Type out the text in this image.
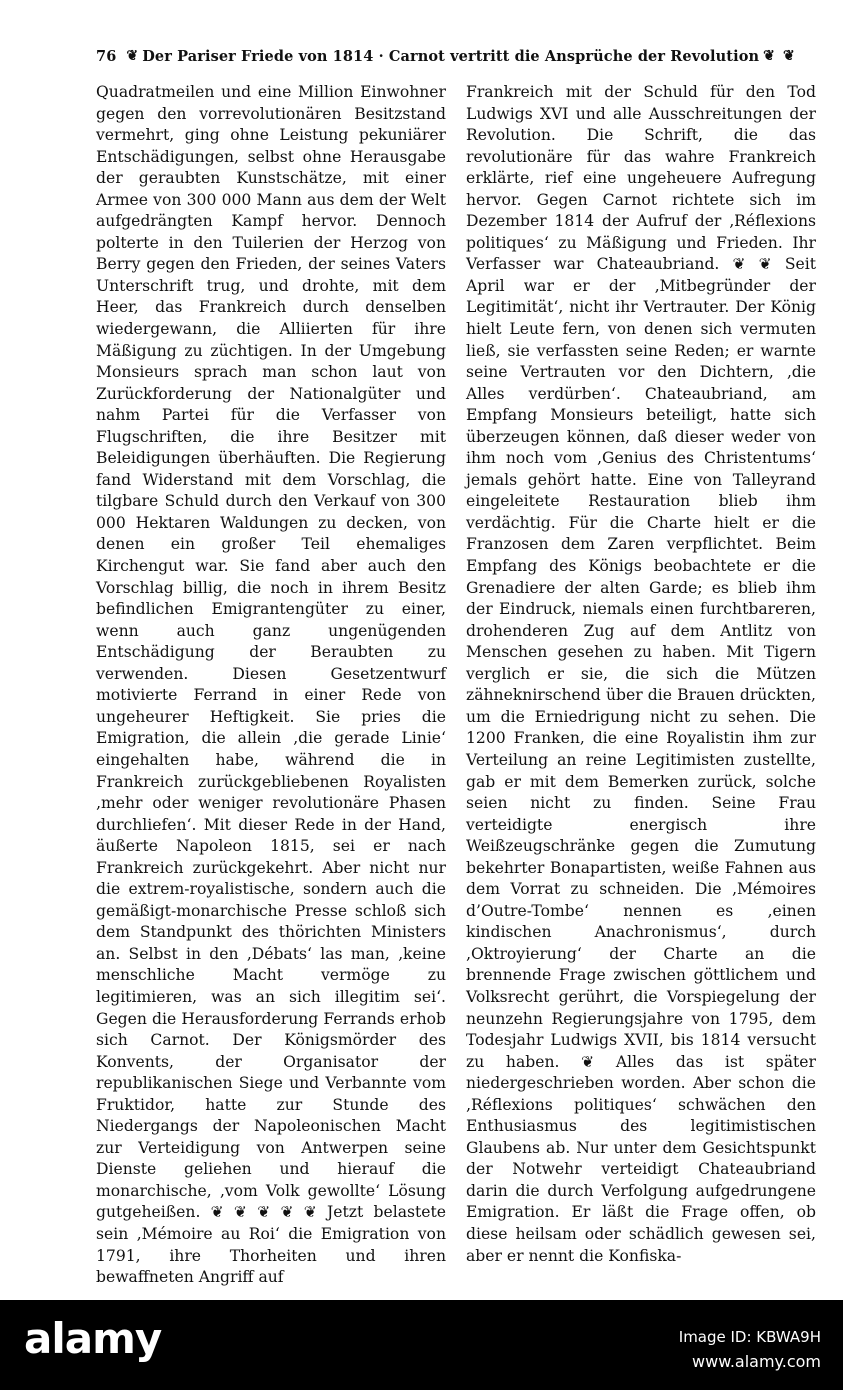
76 ❦ Der Pariser Friede von 1814 · Carnot vertritt die Ansprüche der Revolution ❦ ❦

Quadratmeilen und eine Million Einwohner gegen den vorrevolutionären Besitzstand vermehrt, ging ohne Leistung pekuniärer Entschädigungen, selbst ohne Herausgabe der geraubten Kunstschätze, mit einer Armee von 300 000 Mann aus dem der Welt aufgedrängten Kampf hervor. Dennoch polterte in den Tuilerien der Herzog von Berry gegen den Frieden, der seines Vaters Unterschrift trug, und drohte, mit dem Heer, das Frankreich durch denselben wiedergewann, die Alliierten für ihre Mäßigung zu züchtigen. In der Umgebung Monsieurs sprach man schon laut von Zurückforderung der Nationalgüter und nahm Partei für die Verfasser von Flugschriften, die ihre Besitzer mit Beleidigungen überhäuften. Die Regierung fand Widerstand mit dem Vorschlag, die tilgbare Schuld durch den Verkauf von 300 000 Hektaren Waldungen zu decken, von denen ein großer Teil ehemaliges Kirchengut war. Sie fand aber auch den Vorschlag billig, die noch in ihrem Besitz befindlichen Emigrantengüter zu einer, wenn auch ganz ungenügenden Entschädigung der Beraubten zu verwenden. Diesen Gesetzentwurf motivierte Ferrand in einer Rede von ungeheurer Heftigkeit. Sie pries die Emigration, die allein ‚die gerade Linie‘ eingehalten habe, während die in Frankreich zurückgebliebenen Royalisten ‚mehr oder weniger revolutionäre Phasen durchliefen‘. Mit dieser Rede in der Hand, äußerte Napoleon 1815, sei er nach Frankreich zurückgekehrt. Aber nicht nur die extrem-royalistische, sondern auch die gemäßigt-monarchische Presse schloß sich dem Standpunkt des thörichten Ministers an. Selbst in den ‚Débats‘ las man, ‚keine menschliche Macht vermöge zu legitimieren, was an sich illegitim sei‘. Gegen die Herausforderung Ferrands erhob sich Carnot. Der Königsmörder des Konvents, der Organisator der republikanischen Siege und Verbannte vom Fruktidor, hatte zur Stunde des Niedergangs der Napoleonischen Macht zur Verteidigung von Antwerpen seine Dienste geliehen und hierauf die monarchische, ‚vom Volk gewollte‘ Lösung gutgeheißen. ❦ ❦ ❦ ❦ ❦ Jetzt belastete sein ‚Mémoire au Roi‘ die Emigration von 1791, ihre Thorheiten und ihren bewaffneten Angriff auf

Frankreich mit der Schuld für den Tod Ludwigs XVI und alle Ausschreitungen der Revolution. Die Schrift, die das revolutionäre für das wahre Frankreich erklärte, rief eine ungeheuere Aufregung hervor. Gegen Carnot richtete sich im Dezember 1814 der Aufruf der ‚Réflexions politiques‘ zu Mäßigung und Frieden. Ihr Verfasser war Chateaubriand. ❦ ❦ Seit April war er der ‚Mitbegründer der Legitimität‘, nicht ihr Vertrauter. Der König hielt Leute fern, von denen sich vermuten ließ, sie verfassten seine Reden; er warnte seine Vertrauten vor den Dichtern, ‚die Alles verdürben‘. Chateaubriand, am Empfang Monsieurs beteiligt, hatte sich überzeugen können, daß dieser weder von ihm noch vom ‚Genius des Christentums‘ jemals gehört hatte. Eine von Talleyrand eingeleitete Restauration blieb ihm verdächtig. Für die Charte hielt er die Franzosen dem Zaren verpflichtet. Beim Empfang des Königs beobachtete er die Grenadiere der alten Garde; es blieb ihm der Eindruck, niemals einen furchtbareren, drohenderen Zug auf dem Antlitz von Menschen gesehen zu haben. Mit Tigern verglich er sie, die sich die Mützen zähneknirschend über die Brauen drückten, um die Erniedrigung nicht zu sehen. Die 1200 Franken, die eine Royalistin ihm zur Verteilung an reine Legitimisten zustellte, gab er mit dem Bemerken zurück, solche seien nicht zu finden. Seine Frau verteidigte energisch ihre Weißzeugschränke gegen die Zumutung bekehrter Bonapartisten, weiße Fahnen aus dem Vorrat zu schneiden. Die ‚Mémoires d’Outre-Tombe‘ nennen es ‚einen kindischen Anachronismus‘, durch ‚Oktroyierung‘ der Charte an die brennende Frage zwischen göttlichem und Volksrecht gerührt, die Vorspiegelung der neunzehn Regierungsjahre von 1795, dem Todesjahr Ludwigs XVII, bis 1814 versucht zu haben. ❦ Alles das ist später niedergeschrieben worden. Aber schon die ‚Réflexions politiques‘ schwächen den Enthusiasmus des legitimistischen Glaubens ab. Nur unter dem Gesichtspunkt der Notwehr verteidigt Chateaubriand darin die durch Verfolgung aufgedrungene Emigration. Er läßt die Frage offen, ob diese heilsam oder schädlich gewesen sei, aber er nennt die Konfiska-

alamy	Image ID: KBWA9H
www.alamy.com
